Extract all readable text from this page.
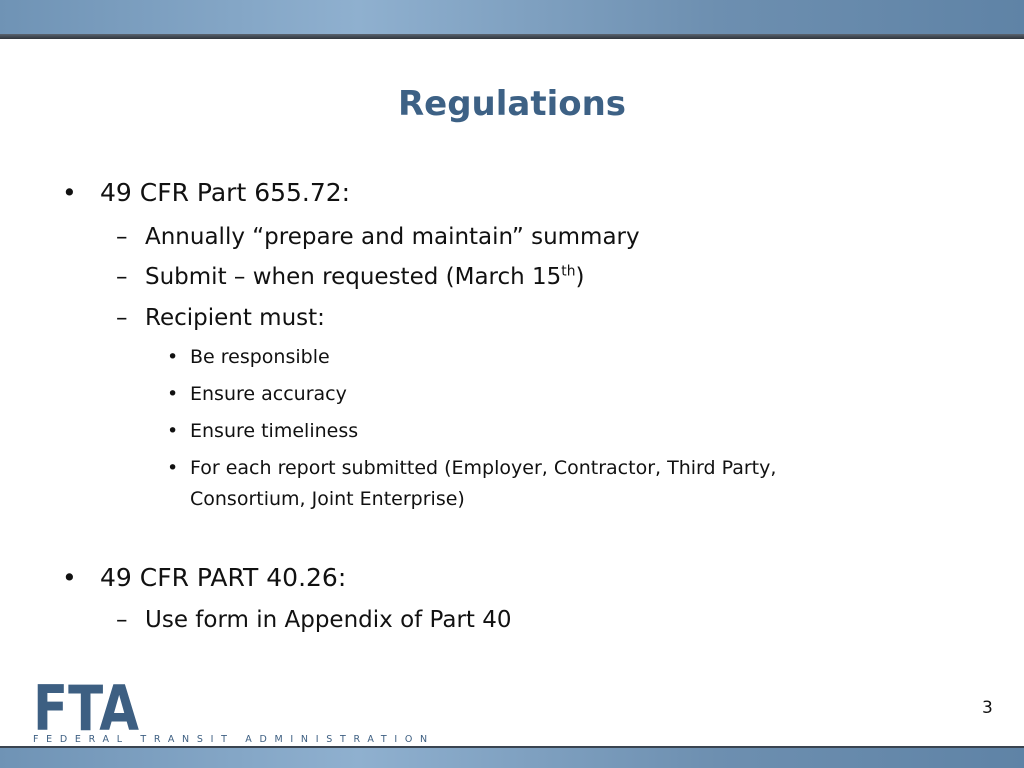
Regulations
• 49 CFR Part 655.72:
– Annually “prepare and maintain” summary
– Submit – when requested (March 15th)
– Recipient must:
• Be responsible
• Ensure accuracy
• Ensure timeliness
• For each report submitted (Employer, Contractor, Third Party,
Consortium, Joint Enterprise)
• 49 CFR PART 40.26:
– Use form in Appendix of Part 40
FTA
FEDERAL TRANSIT ADMINISTRATION
3
